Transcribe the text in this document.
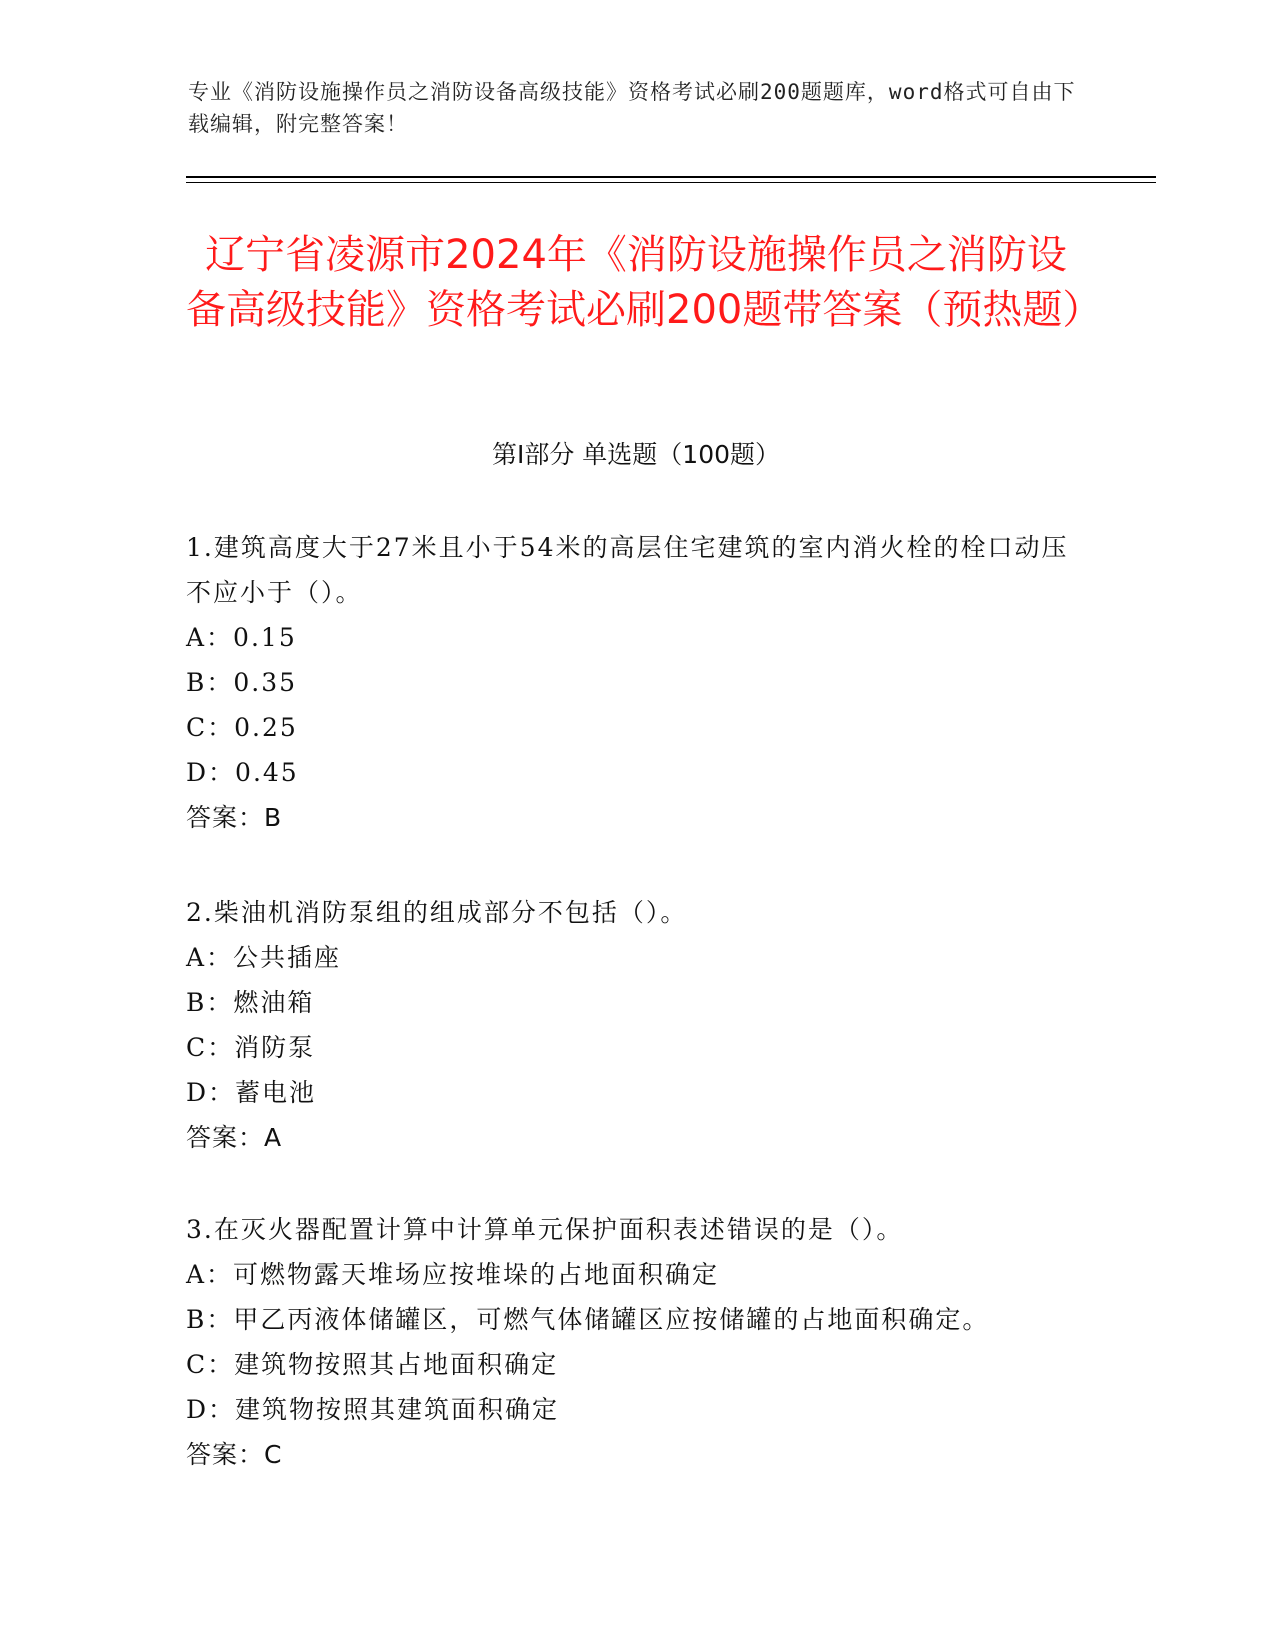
专业《消防设施操作员之消防设备高级技能》资格考试必刷200题题库，word格式可自由下载编辑，附完整答案！
辽宁省凌源市2024年《消防设施操作员之消防设备高级技能》资格考试必刷200题带答案（预热题）
第I部分 单选题（100题）
1.建筑高度大于27米且小于54米的高层住宅建筑的室内消火栓的栓口动压不应小于（）。
A：0.15
B：0.35
C：0.25
D：0.45
答案：B
2.柴油机消防泵组的组成部分不包括（）。
A：公共插座
B：燃油箱
C：消防泵
D：蓄电池
答案：A
3.在灭火器配置计算中计算单元保护面积表述错误的是（）。
A：可燃物露天堆场应按堆垛的占地面积确定
B：甲乙丙液体储罐区，可燃气体储罐区应按储罐的占地面积确定。
C：建筑物按照其占地面积确定
D：建筑物按照其建筑面积确定
答案：C
